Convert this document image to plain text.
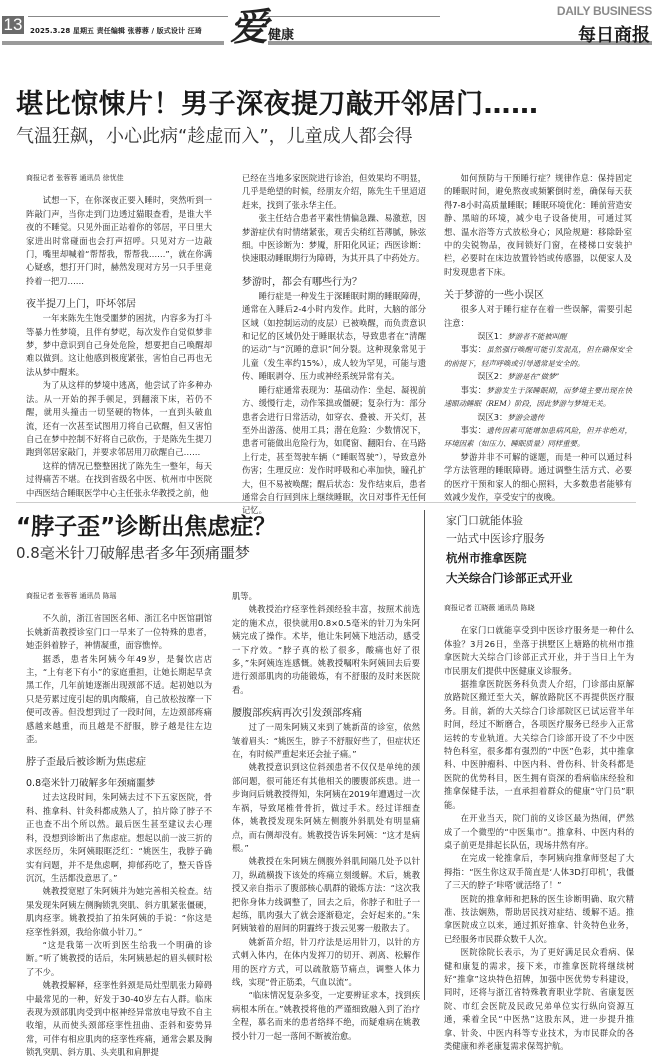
13 2025.3.28 星期五 责任编辑 张蓉蓉 / 版式设计 汪琦 爱 健康
DAILY BUSINESS
每日商报
堪比惊悚片！男子深夜提刀敲开邻居门……
气温狂飙，小心此病“趁虚而入”，儿童成人都会得

商报记者 张蓉蓉 通讯员 徐忧佳

试想一下，在你深夜正要入睡时，突然听到一阵敲门声，当你走到门边透过猫眼查看，是谁大半夜的不睡觉。只见外面正站着你的邻居，平日里大家进出时常碰面也会打声招呼。只见对方一边敲门，嘴里却喊着“帮帮我，帮帮我……”，就在你满心疑惑，想打开门时，赫然发现对方另一只手里竟拎着一把刀……

夜半提刀上门，吓坏邻居

一年来陈先生饱受噩梦的困扰，内容多为打斗等暴力性梦境，且伴有梦呓，每次发作自觉似梦非梦，梦中意识到自己身处危险，想要把自己唤醒却难以做到。这让他感到极度紧张，害怕自己再也无法从梦中醒来。

为了从这样的梦境中逃离，他尝试了许多种办法。从一开始的挥手顿足，到翻滚下床，若仍不醒，就用头撞击一切坚硬的物体，一直到头破血流，还有一次甚至试图用刀将自己砍醒，但又害怕自己在梦中控制不好将自己砍伤，于是陈先生提刀跑到邻居家敲门，并要求邻居用刀砍醒自己……

这样的情况已整整困扰了陈先生一整年，每天过得痛苦不堪。在找到省级名中医、杭州市中医院中西医结合睡眠医学中心主任张永华教授之前，他

已经在当地多家医院进行诊治，但效果均不明显，几乎是绝望的时候，经朋友介绍，陈先生千里迢迢赶来，找到了张永华主任。

张主任结合患者平素性情偏急躁、易激惹，因梦游症伏有时情绪紧张，观舌尖稍红苔薄腻，脉弦细。中医诊断为：梦魇，肝阳化风证；西医诊断：快速眼动睡眠期行为障碍，为其开具了中药处方。

梦游时，都会有哪些行为？

睡行症是一种发生于深睡眠时期的睡眠障碍，通常在入睡后2-4小时内发作。此时，大脑的部分区域（如控制运动的皮层）已被唤醒，而负责意识和记忆的区域仍处于睡眠状态，导致患者在“清醒的运动”与“沉睡的意识”间分裂。这种现象常见于儿童（发生率约15%），成人较为罕见，可能与遗传、睡眠剥夺、压力或神经系统异常有关。

睡行症通常表现为：基础动作：坐起、凝视前方、缓慢行走，动作笨拙或僵硬；复杂行为：部分患者会进行日常活动，如穿衣、叠被、开关灯，甚至外出游荡、使用工具；潜在危险：少数情况下，患者可能做出危险行为，如爬窗、翻阳台、在马路上行走，甚至驾驶车辆（“睡眠驾驶”），导致意外伤害；生理反应：发作时呼吸和心率加快，瞳孔扩大，但不易被唤醒；醒后状态：发作结束后，患者通常会自行回到床上继续睡眠，次日对事件无任何记忆。

如何预防与干预睡行症？规律作息：保持固定的睡眠时间，避免熬夜或频繁倒时差，确保每天获得7-8小时高质量睡眠；睡眠环境优化：睡前营造安静、黑暗的环境，减少电子设备使用，可通过冥想、温水浴等方式放松身心；风险规避：移除卧室中的尖锐物品，夜间锁好门窗，在楼梯口安装护栏，必要时在床边放置铃铛或传感器，以便家人及时发现患者下床。

关于梦游的一些小误区

很多人对于睡行症存在着一些误解，需要引起注意：

误区1：梦游者不能被叫醒

事实：虽然强行唤醒可能引发混乱，但在确保安全的前提下，轻声呼唤或引导通常是安全的。

误区2：梦游是在“做梦”

事实：梦游发生于深睡眠期，而梦境主要出现在快速眼动睡眠（REM）阶段，因此梦游与梦境无关。

误区3：梦游会遗传

事实：遗传因素可能增加患病风险，但并非绝对，环境因素（如压力、睡眠质量）同样重要。

梦游并非不可解的谜题，而是一种可以通过科学方法管理的睡眠障碍。通过调整生活方式、必要的医疗干预和家人的细心照料，大多数患者能够有效减少发作，享受安宁的夜晚。

“脖子歪”诊断出焦虑症？
0.8毫米针刀破解患者多年颈痛噩梦

商报记者 张蓉蓉 通讯员 陈瑶

不久前，浙江省国医名师、浙江名中医馆副馆长姚新苗教授诊室门口一早来了一位特殊的患者，她歪斜着脖子，神情凝重，面容憔悴。

据悉，患者朱阿姨今年49岁，是餐饮店店主，“上有老下有小”的家庭重担，让她长期起早贪黑工作，几年前她逐渐出现颈部不适。起初她以为只是劳累过度引起的肌肉酸痛，自己放松按摩一下便可改善。但没想到过了一段时间，左边颈部疼痛感越来越重，而且越是不舒服，脖子越是往左边歪。

脖子歪最后被诊断为焦虑症

0.8毫米针刀破解多年颈痛噩梦

过去这段时间，朱阿姨去过不下五家医院，骨科、推拿科、针灸科都成熟人了，拍片除了脖子不正也查不出个所以然。最后医生甚至建议去心理科，没想到诊断出了焦虑症。想起以前一波三折的求医经历，朱阿姨眼眶泛红：“姚医生，我脖子确实有问题，并不是焦虑啊，抑郁药吃了，整天昏昏沉沉，生活都没意思了。”

姚教授宽慰了朱阿姨并为她完善相关检查。结果发现朱阿姨左侧胸锁乳突肌、斜方肌紧张僵硬，肌肉痉挛。姚教授拍了拍朱阿姨的手说：“你这是痉挛性斜颈，我给你做小针刀。”

“这是我第一次听到医生给我一个明确的诊断。”听了姚教授的话后，朱阿姨悬起的眉头顿时松了不少。

姚教授解释，痉挛性斜颈是局灶型肌张力障碍中最常见的一种，好发于30-40岁左右人群。临床表现为颈部肌肉受到中枢神经异常放电导致不自主收缩，从而使头颈部痉挛性扭曲、歪斜和姿势异常，可伴有相应肌肉的痉挛性疼痛，通常会累及胸锁乳突肌、斜方肌、头夹肌和肩胛提

肌等。

姚教授治疗痉挛性斜颈经验丰富，按照术前选定的施术点，很快就用0.8×0.5毫米的针刀为朱阿姨完成了操作。术毕，他让朱阿姨下地活动，感受一下疗效。“脖子真的松了很多，酸痛也好了很多，”朱阿姨连连感慨。姚教授嘱咐朱阿姨回去后要进行颈部肌肉的功能锻炼，有不舒服的及时来医院看。

腰腹部疾病再次引发颈部疼痛

过了一周朱阿姨又来到了姚新苗的诊室，依然皱着眉头：“姚医生，脖子不舒服好些了，但症状还在，有时候严重起来还会扯子痛。”

姚教授意识到这位斜颈患者不仅仅是单纯的颈部问题，很可能还有其他相关的腰腹部疾患。进一步询问后姚教授得知，朱阿姨在2019年遭遇过一次车祸，导致尾椎骨骨折，做过手术。经过详细查体，姚教授发现朱阿姨左侧腹外斜肌处有明显痛点，而右侧却没有。姚教授告诉朱阿姨：“这才是病根。”

姚教授在朱阿姨左侧腹外斜肌间隔几处予以针刀，纵疏横拨下该处的疼痛立刻缓解。术后，姚教授又亲自指示了腹部核心肌群的锻炼方法：“这次我把你身体力线调整了，回去之后，你脖子和肚子一起练，肌肉强大了就会逐渐稳定，会好起来的。”朱阿姨皱着的眉间的阴霾终于拨云见雾一般散去了。

姚新苗介绍，针刀疗法是运用针刀，以针的方式刺入体内，在体内发挥刀的切开、剥离、松解作用的医疗方式，可以疏散筋节痛点，调整人体力线，实现“骨正筋柔，气血以流”。

“临床情况复杂多变，一定要辨证求本，找到疾病根本所在。”姚教授将他的严谨细致融入到了治疗全程，慕名而来的患者络绎不绝，而疑难病在姚教授小针刀一起一落间不断被治愈。

家门口就能体验
一站式中医诊疗服务
杭州市推拿医院
大关综合门诊部正式开业

商报记者 江晓薇 通讯员 陈晓

在家门口就能享受到中医诊疗服务是一种什么体验？3月26日，坐落于拱墅区上塘路的杭州市推拿医院大关综合门诊部正式开业，并于当日上午为市民朋友们提供中医健康义诊服务。

据推拿医院医务科负责人介绍，门诊部由原解放路院区搬迁至大关，解放路院区不再提供医疗服务。目前，新的大关综合门诊部院区已试运营半年时间，经过不断磨合，各项医疗服务已经步入正常运转的专业轨道。大关综合门诊部开设了不少中医特色科室，很多都有强烈的“中医”色彩，其中推拿科、中医肿瘤科、中医内科、骨伤科、针灸科都是医院的优势科目，医生拥有资深的看病临床经验和推拿保健手法，一直承担着群众的健康“守门员”职能。

在开业当天，院门前的义诊区最为热闹，俨然成了一个微型的“中医集市”。推拿科、中医内科的桌子前更是排起长队伍，现场井然有序。

在完成一轮推拿后，李阿姨向推拿师竖起了大拇指：“医生你这双手简直是‘人体3D打印机’，我僵了三天的脖子‘咔嗒’就活络了！”

医院的推拿师和把脉的医生诊断明确、取穴精准、技法娴熟，帮助居民找对症结、缓解不适。推拿医院成立以来，通过抓好推拿、针灸特色业务，已经服务市民群众数千人次。

医院徐院长表示，为了更好满足民众看病、保健和康复的需求，接下来，市推拿医院将继续树好“推拿”这块特色招牌，加强中医优势专科建设，同时，还将与浙江省特殊教育职业学院、省康复医院、市红会医院及民政兄弟单位实行纵向资源互通，乘着全民“中医热”这股东风，进一步提升推拿、针灸、中医内科等专业技术，为市民群众的各类健康和养老康复需求保驾护航。
